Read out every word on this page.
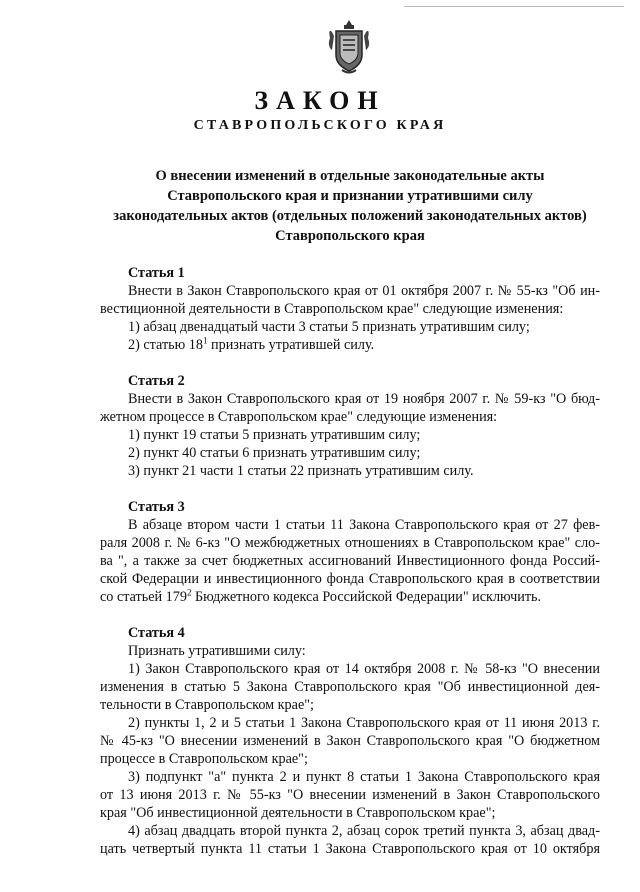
ЗАКОН
СТАВРОПОЛЬСКОГО КРАЯ
О внесении изменений в отдельные законодательные акты
Ставропольского края и признании утратившими силу
законодательных актов (отдельных положений законодательных актов)
Ставропольского края

Статья 1

Внести в Закон Ставропольского края от 01 октября 2007 г. № 55-кз "Об ин-
вестиционной деятельности в Ставропольском крае" следующие изменения:
1) абзац двенадцатый части 3 статьи 5 признать утратившим силу;
2) статью $18^1$ признать утратившей силу.

Статья 2

Внести в Закон Ставропольского края от 19 ноября 2007 г. № 59-кз "О бюд-
жетном процессе в Ставропольском крае" следующие изменения:
1) пункт 19 статьи 5 признать утратившим силу;
2) пункт 40 статьи 6 признать утратившим силу;
3) пункт 21 части 1 статьи 22 признать утратившим силу.

Статья 3

В абзаце втором части 1 статьи 11 Закона Ставропольского края от 27 фев-
раля 2008 г. № 6-кз "О межбюджетных отношениях в Ставропольском крае" сло-
ва ", а также за счет бюджетных ассигнований Инвестиционного фонда Россий-
ской Федерации и инвестиционного фонда Ставропольского края в соответствии
со статьей $179^2$ Бюджетного кодекса Российской Федерации" исключить.

Статья 4

Признать утратившими силу:
1) Закон Ставропольского края от 14 октября 2008 г. № 58-кз "О внесении
изменения в статью 5 Закона Ставропольского края "Об инвестиционной дея-
тельности в Ставропольском крае";
2) пункты 1, 2 и 5 статьи 1 Закона Ставропольского края от 11 июня 2013 г.
№ 45-кз "О внесении изменений в Закон Ставропольского края "О бюджетном
процессе в Ставропольском крае";
3) подпункт "а" пункта 2 и пункт 8 статьи 1 Закона Ставропольского края
от 13 июня 2013 г. № 55-кз "О внесении изменений в Закон Ставропольского
края "Об инвестиционной деятельности в Ставропольском крае";
4) абзац двадцать второй пункта 2, абзац сорок третий пункта 3, абзац двад-
цать четвертый пункта 11 статьи 1 Закона Ставропольского края от 10 октября
